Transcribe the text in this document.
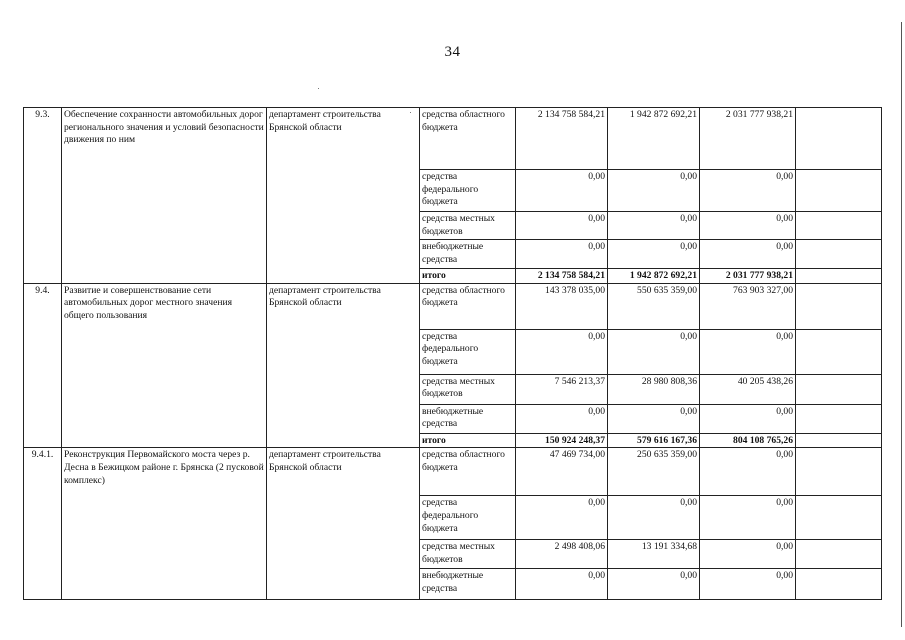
34
9.3.	Обеспечение сохранности автомобильных дорог регионального значения и условий безопасности движения по ним	департамент строительства Брянской области	средства областного бюджета	2 134 758 584,21	1 942 872 692,21	2 031 777 938,21	
			средства федерального бюджета	0,00	0,00	0,00	
			средства местных бюджетов	0,00	0,00	0,00	
			внебюджетные средства	0,00	0,00	0,00	
			итого	2 134 758 584,21	1 942 872 692,21	2 031 777 938,21	
9.4.	Развитие и совершенствование сети автомобильных дорог местного значения общего пользования	департамент строительства Брянской области	средства областного бюджета	143 378 035,00	550 635 359,00	763 903 327,00	
			средства федерального бюджета	0,00	0,00	0,00	
			средства местных бюджетов	7 546 213,37	28 980 808,36	40 205 438,26	
			внебюджетные средства	0,00	0,00	0,00	
			итого	150 924 248,37	579 616 167,36	804 108 765,26	
9.4.1.	Реконструкция Первомайского моста через р. Десна в Бежицком районе г. Брянска (2 пусковой комплекс)	департамент строительства Брянской области	средства областного бюджета	47 469 734,00	250 635 359,00	0,00	
			средства федерального бюджета	0,00	0,00	0,00	
			средства местных бюджетов	2 498 408,06	13 191 334,68	0,00	
			внебюджетные средства	0,00	0,00	0,00	
